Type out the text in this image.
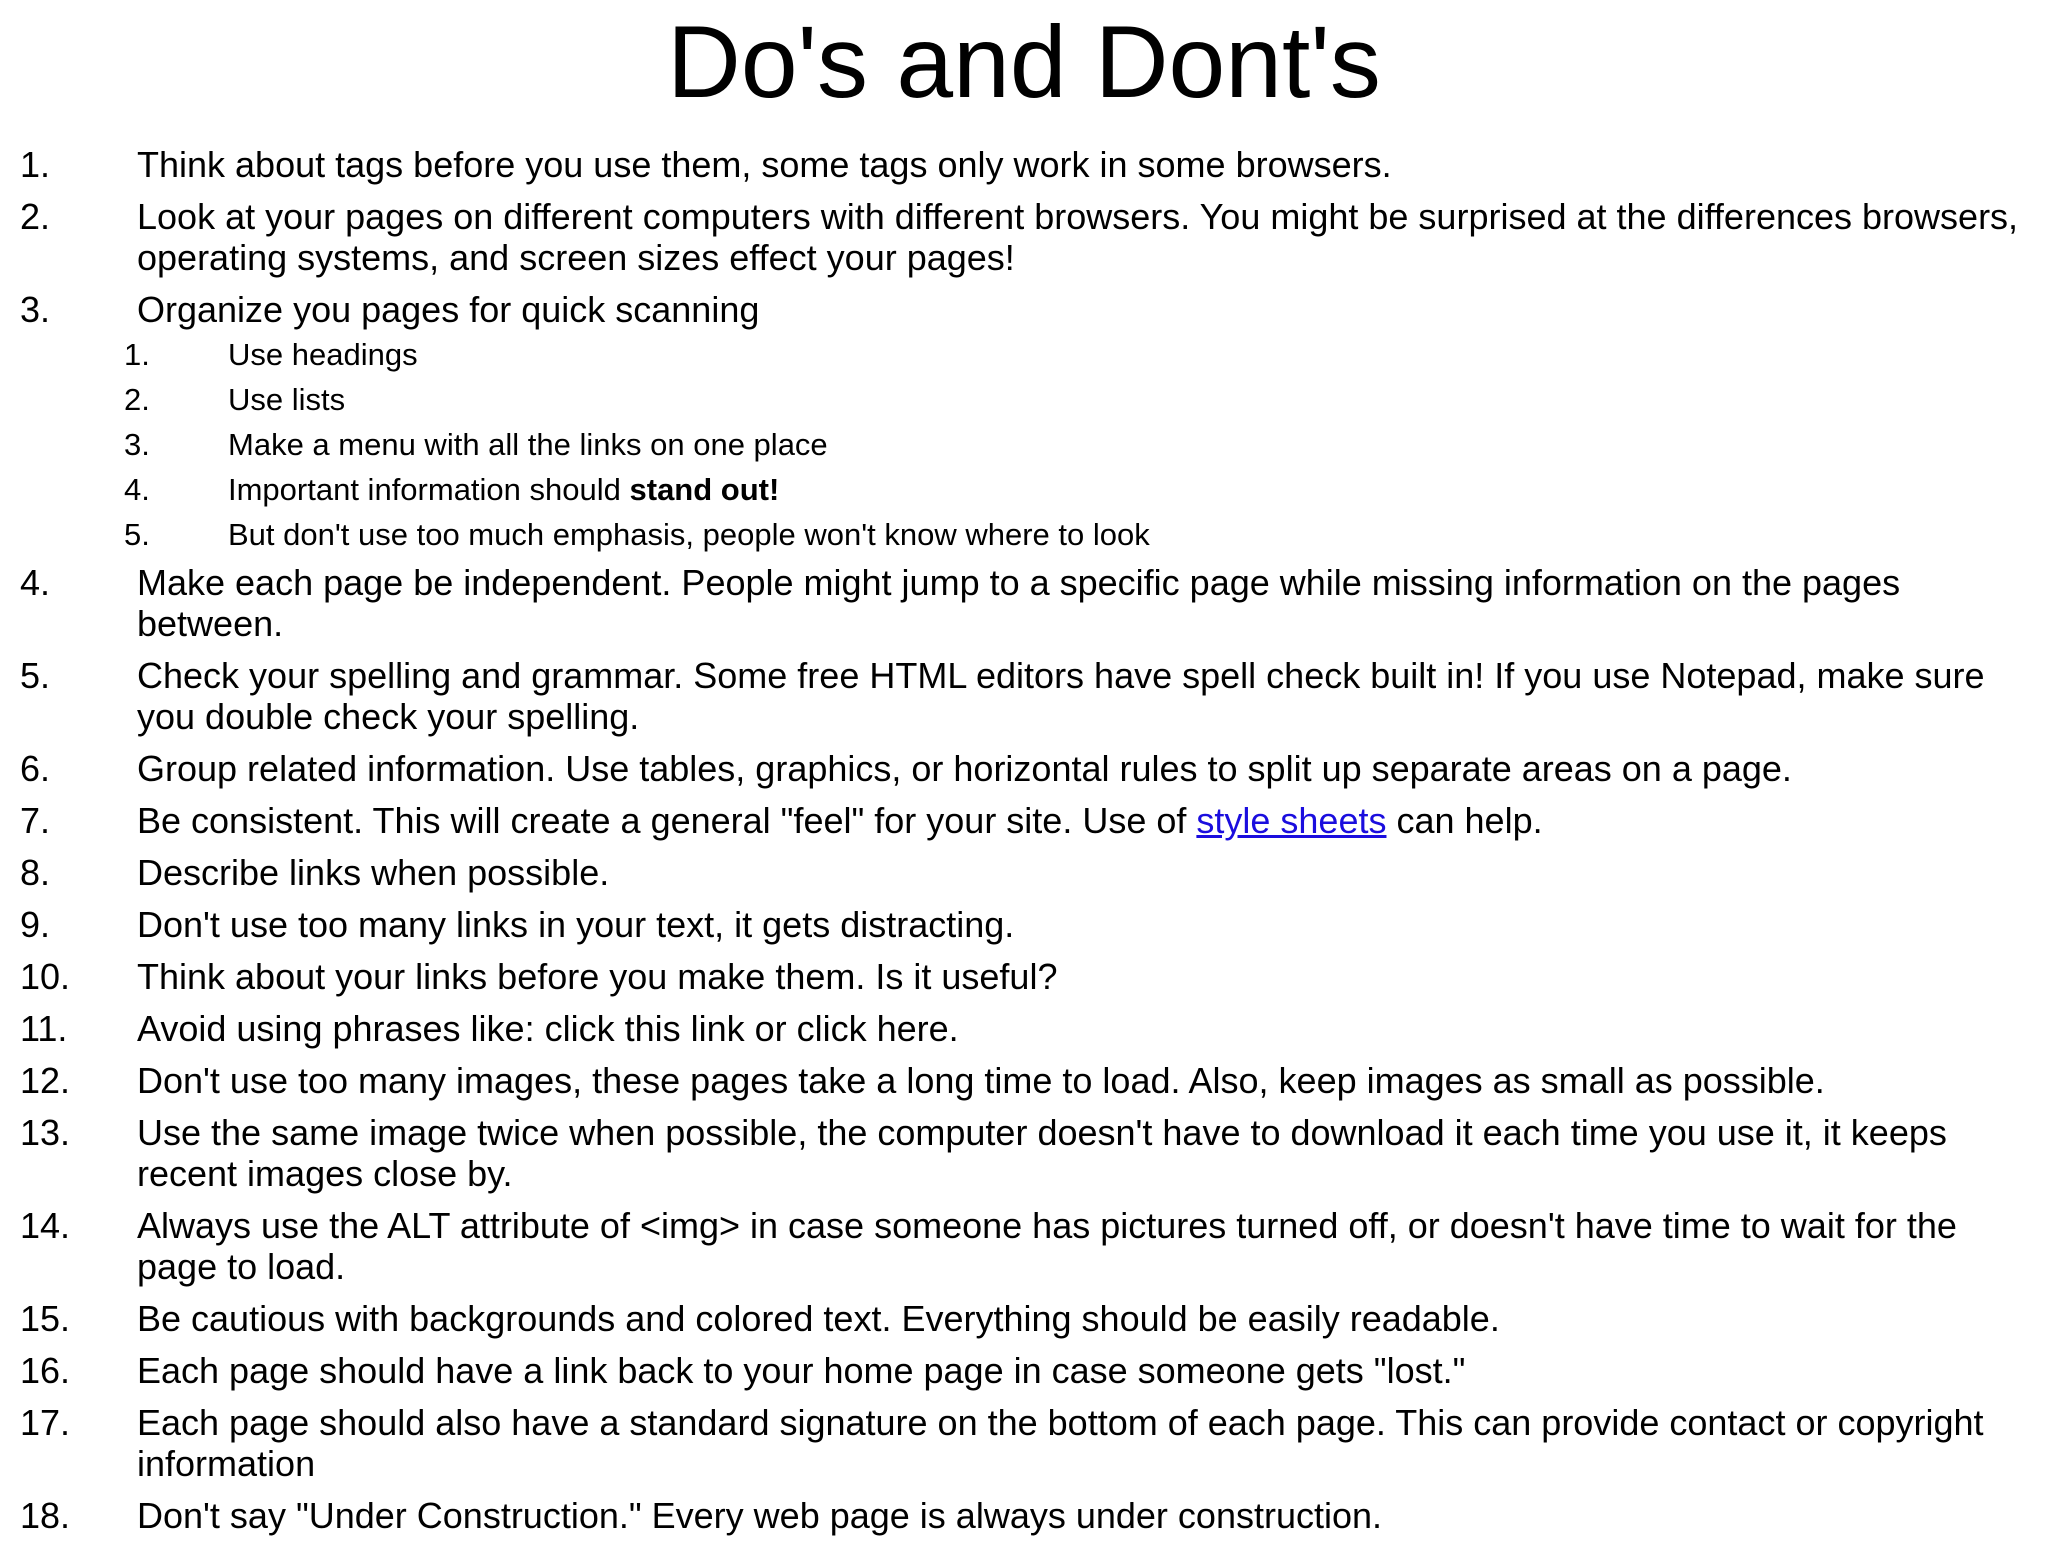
Do's and Dont's
1.	Think about tags before you use them, some tags only work in some browsers.
2.	Look at your pages on different computers with different browsers. You might be surprised at the differences browsers, operating systems, and screen sizes effect your pages!
3.	Organize you pages for quick scanning
1.	Use headings
2.	Use lists
3.	Make a menu with all the links on one place
4.	Important information should stand out!
5.	But don't use too much emphasis, people won't know where to look
4.	Make each page be independent. People might jump to a specific page while missing information on the pages between.
5.	Check your spelling and grammar. Some free HTML editors have spell check built in! If you use Notepad, make sure you double check your spelling.
6.	Group related information. Use tables, graphics, or horizontal rules to split up separate areas on a page.
7.	Be consistent. This will create a general "feel" for your site. Use of style sheets can help.
8.	Describe links when possible.
9.	Don't use too many links in your text, it gets distracting.
10.	Think about your links before you make them. Is it useful?
11.	Avoid using phrases like: click this link or click here.
12.	Don't use too many images, these pages take a long time to load. Also, keep images as small as possible.
13.	Use the same image twice when possible, the computer doesn't have to download it each time you use it, it keeps recent images close by.
14.	Always use the ALT attribute of <img> in case someone has pictures turned off, or doesn't have time to wait for the page to load.
15.	Be cautious with backgrounds and colored text. Everything should be easily readable.
16.	Each page should have a link back to your home page in case someone gets "lost."
17.	Each page should also have a standard signature on the bottom of each page. This can provide contact or copyright information
18.	Don't say "Under Construction." Every web page is always under construction.
